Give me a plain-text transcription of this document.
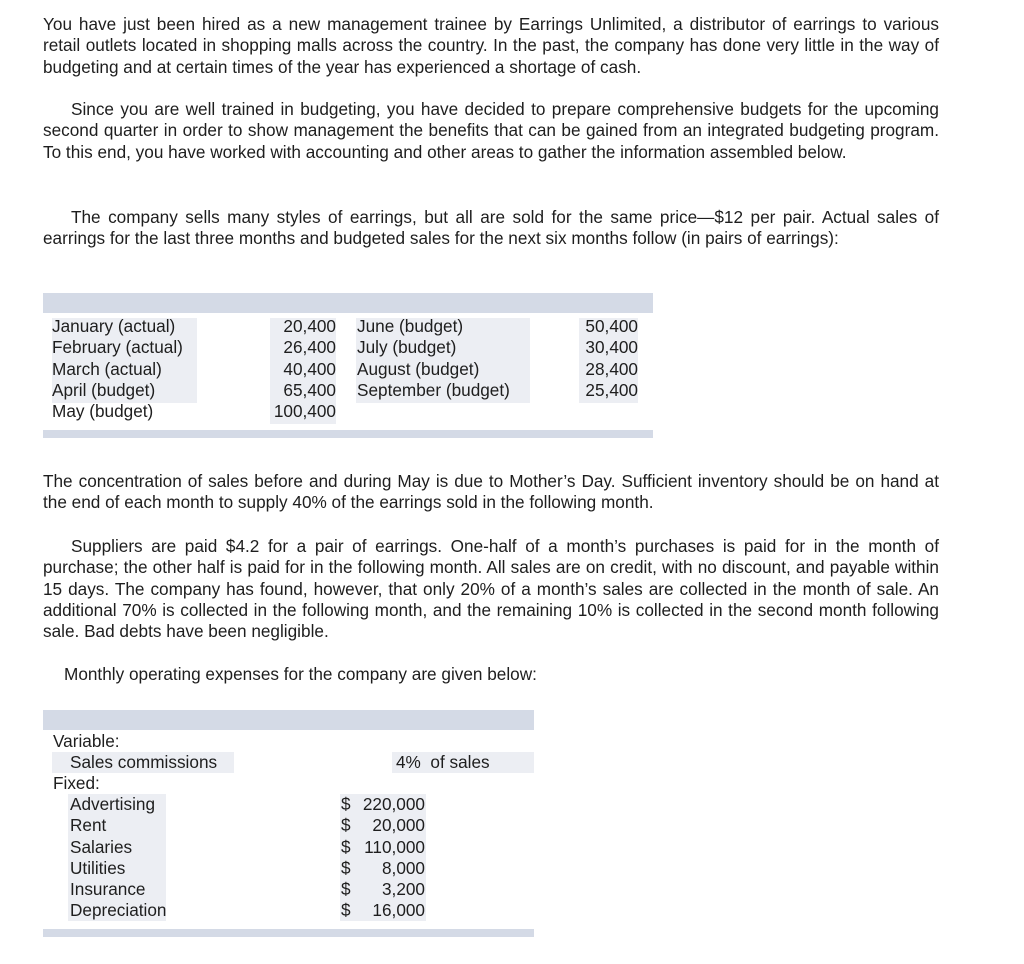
You have just been hired as a new management trainee by Earrings Unlimited, a distributor of earrings to various retail outlets located in shopping malls across the country. In the past, the company has done very little in the way of budgeting and at certain times of the year has experienced a shortage of cash.

Since you are well trained in budgeting, you have decided to prepare comprehensive budgets for the upcoming second quarter in order to show management the benefits that can be gained from an integrated budgeting program. To this end, you have worked with accounting and other areas to gather the information assembled below.

The company sells many styles of earrings, but all are sold for the same price—$12 per pair. Actual sales of earrings for the last three months and budgeted sales for the next six months follow (in pairs of earrings):

January (actual)
February (actual)
March (actual)
April (budget)
May (budget)
20,400
26,400
40,400
65,400
100,400
June (budget)
July (budget)
August (budget)
September (budget)
50,400
30,400
28,400
25,400

The concentration of sales before and during May is due to Mother’s Day. Sufficient inventory should be on hand at the end of each month to supply 40% of the earrings sold in the following month.

Suppliers are paid $4.2 for a pair of earrings. One-half of a month’s purchases is paid for in the month of purchase; the other half is paid for in the following month. All sales are on credit, with no discount, and payable within 15 days. The company has found, however, that only 20% of a month’s sales are collected in the month of sale. An additional 70% is collected in the following month, and the remaining 10% is collected in the second month following sale. Bad debts have been negligible.

Monthly operating expenses for the company are given below:

Variable:
Sales commissions	4%  of sales
Fixed:
Advertising
Rent
Salaries
Utilities
Insurance
Depreciation
$
$
$
$
$
$
220,000
20,000
110,000
8,000
3,200
16,000
